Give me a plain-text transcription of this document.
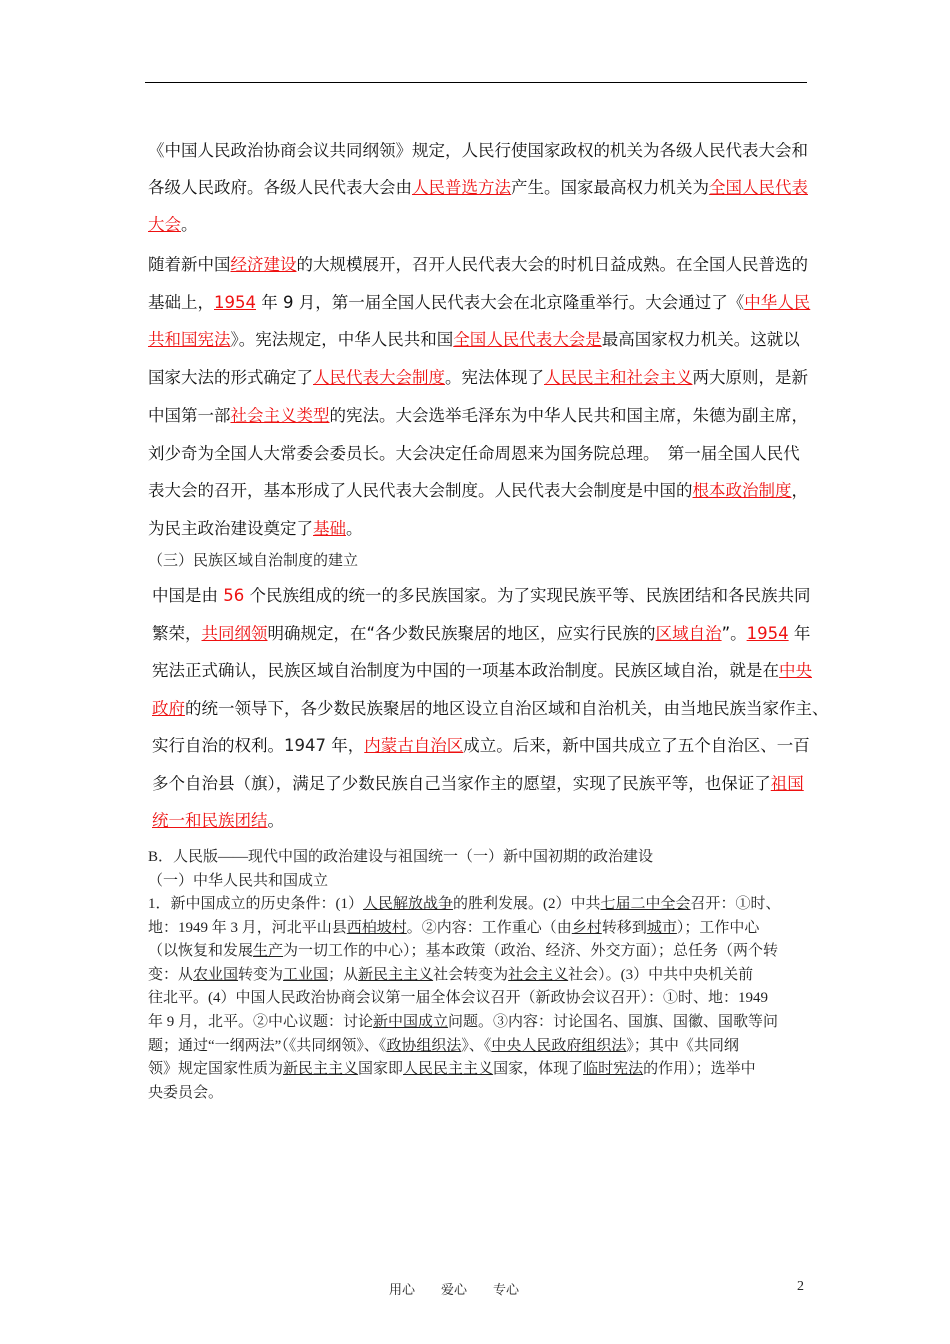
《中国人民政治协商会议共同纲领》规定，人民行使国家政权的机关为各级人民代表大会和
各级人民政府。各级人民代表大会由人民普选方法产生。国家最高权力机关为全国人民代表
大会。
随着新中国经济建设的大规模展开，召开人民代表大会的时机日益成熟。在全国人民普选的
基础上，1954 年 9 月，第一届全国人民代表大会在北京隆重举行。大会通过了《中华人民
共和国宪法》。宪法规定，中华人民共和国全国人民代表大会是最高国家权力机关。这就以
国家大法的形式确定了人民代表大会制度。宪法体现了人民民主和社会主义两大原则，是新
中国第一部社会主义类型的宪法。大会选举毛泽东为中华人民共和国主席，朱德为副主席，
刘少奇为全国人大常委会委员长。大会决定任命周恩来为国务院总理。　第一届全国人民代
表大会的召开，基本形成了人民代表大会制度。人民代表大会制度是中国的根本政治制度，
为民主政治建设奠定了基础。
（三）民族区域自治制度的建立
中国是由 56 个民族组成的统一的多民族国家。为了实现民族平等、民族团结和各民族共同
繁荣，共同纲领明确规定，在“各少数民族聚居的地区，应实行民族的区域自治”。1954 年
宪法正式确认，民族区域自治制度为中国的一项基本政治制度。民族区域自治，就是在中央
政府的统一领导下，各少数民族聚居的地区设立自治区域和自治机关，由当地民族当家作主、
实行自治的权利。1947 年，内蒙古自治区成立。后来，新中国共成立了五个自治区、一百
多个自治县（旗），满足了少数民族自己当家作主的愿望，实现了民族平等，也保证了祖国
统一和民族团结。
B．人民版——现代中国的政治建设与祖国统一（一）新中国初期的政治建设
（一）中华人民共和国成立
1．新中国成立的历史条件：(1）人民解放战争的胜利发展。(2）中共七届二中全会召开：①时、
地：1949 年 3 月，河北平山县西柏坡村。②内容：工作重心（由乡村转移到城市）；工作中心
（以恢复和发展生产为一切工作的中心）；基本政策（政治、经济、外交方面）；总任务（两个转
变：从农业国转变为工业国；从新民主主义社会转变为社会主义社会）。(3）中共中央机关前
往北平。(4）中国人民政治协商会议第一届全体会议召开（新政协会议召开）：①时、地：1949
年 9 月，北平。②中心议题：讨论新中国成立问题。③内容：讨论国名、国旗、国徽、国歌等问
题；通过“一纲两法”（《共同纲领》、《政协组织法》、《中央人民政府组织法》；其中《共同纲
领》规定国家性质为新民主主义国家即人民民主主义国家，体现了临时宪法的作用）；选举中
央委员会。
用心　　爱心　　专心	2
